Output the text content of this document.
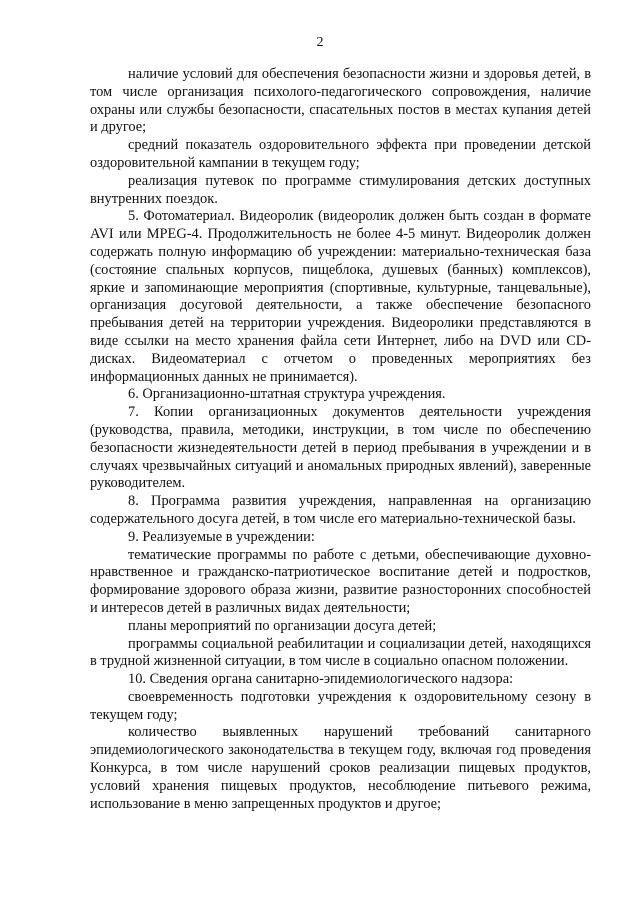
2

наличие условий для обеспечения безопасности жизни и здоровья детей, в том числе организация психолого-педагогического сопровождения, наличие охраны или службы безопасности, спасательных постов в местах купания детей и другое;

средний показатель оздоровительного эффекта при проведении детской оздоровительной кампании в текущем году;

реализация путевок по программе стимулирования детских доступных внутренних поездок.

5. Фотоматериал. Видеоролик (видеоролик должен быть создан в формате AVI или MPEG-4. Продолжительность не более 4-5 минут. Видеоролик должен содержать полную информацию об учреждении: материально-техническая база (состояние спальных корпусов, пищеблока, душевых (банных) комплексов), яркие и запоминающие мероприятия (спортивные, культурные, танцевальные), организация досуговой деятельности, а также обеспечение безопасного пребывания детей на территории учреждения. Видеоролики представляются в виде ссылки на место хранения файла сети Интернет, либо на DVD или CD-дисках. Видеоматериал с отчетом о проведенных мероприятиях без информационных данных не принимается).

6. Организационно-штатная структура учреждения.

7. Копии организационных документов деятельности учреждения (руководства, правила, методики, инструкции, в том числе по обеспечению безопасности жизнедеятельности детей в период пребывания в учреждении и в случаях чрезвычайных ситуаций и аномальных природных явлений), заверенные руководителем.

8. Программа развития учреждения, направленная на организацию содержательного досуга детей, в том числе его материально-технической базы.

9. Реализуемые в учреждении:

тематические программы по работе с детьми, обеспечивающие духовно-нравственное и гражданско-патриотическое воспитание детей и подростков, формирование здорового образа жизни, развитие разносторонних способностей и интересов детей в различных видах деятельности;

планы мероприятий по организации досуга детей;

программы социальной реабилитации и социализации детей, находящихся в трудной жизненной ситуации, в том числе в социально опасном положении.

10. Сведения органа санитарно-эпидемиологического надзора:

своевременность подготовки учреждения к оздоровительному сезону в текущем году;

количество выявленных нарушений требований санитарного эпидемиологического законодательства в текущем году, включая год проведения Конкурса, в том числе нарушений сроков реализации пищевых продуктов, условий хранения пищевых продуктов, несоблюдение питьевого режима, использование в меню запрещенных продуктов и другое;
